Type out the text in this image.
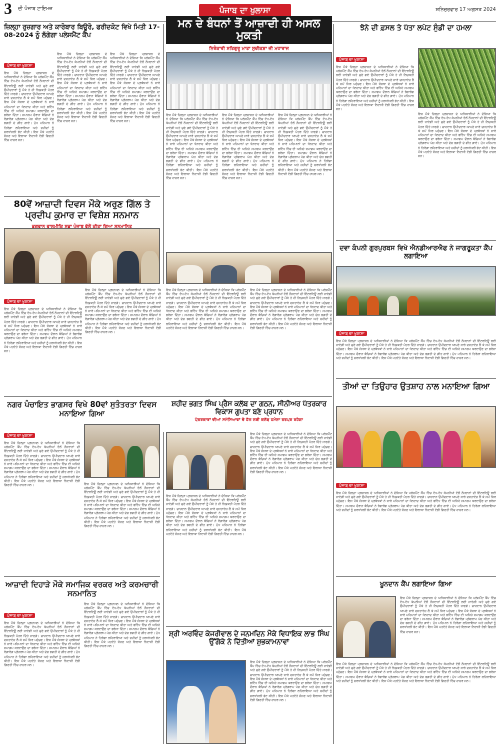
3 ਦੀ ਪੰਜਾਬ ਟਾਇਮਜ਼	ਪੰਜਾਬ ਦਾ ਖੁਲਾਸਾ	ਸ਼ਨਿਚਰਵਾਰ 17 ਅਗਸਤ 2024
ਜ਼ਿਲ੍ਹਾ ਰੁਜ਼ਗਾਰ ਅਤੇ ਕਾਰੋਬਾਰ ਬਿਊਰੋ, ਫਰੀਦਕੋਟ ਵਿਖੇ ਮਿਤੀ 17-08-2024 ਨੂੰ ਲੱਗੇਗਾ ਪਲੇਸਮੈਂਟ ਕੈਂਪ
ਪੰਜਾਬ ਦਾ ਖੁਲਾਸਾ
ਇਸ ਮੌਕੇ ਜ਼ਿਲ੍ਹਾ ਪ੍ਰਸ਼ਾਸਨ ਦੇ ਅਧਿਕਾਰੀਆਂ ਨੇ ਦੱਸਿਆ ਕਿ ਪਲੇਸਮੈਂਟ ਕੈਂਪ ਵਿੱਚ ਵੱਖ-ਵੱਖ ਕੰਪਨੀਆਂ ਵੱਲੋਂ ਨੌਜਵਾਨਾਂ ਦੀ ਇੰਟਰਵਿਊ ਲਈ ਜਾਵੇਗੀ ਅਤੇ ਚੁਣੇ ਗਏ ਉਮੀਦਵਾਰਾਂ ਨੂੰ ਮੌਕੇ ਤੇ ਹੀ ਨਿਯੁਕਤੀ ਪੱਤਰ ਦਿੱਤੇ ਜਾਣਗੇ। ਚਾਹਵਾਨ ਉਮੀਦਵਾਰ ਆਪਣੇ ਸਾਰੇ ਦਸਤਾਵੇਜ਼ ਲੈ ਕੇ ਸਮੇਂ ਸਿਰ ਪਹੁੰਚਣ। ਇਸ ਮੌਕੇ ਸੰਸਥਾ ਦੇ ਪ੍ਰਬੰਧਕਾਂ ਨੇ ਸਾਰੇ ਮਹਿਮਾਨਾਂ ਦਾ ਧੰਨਵਾਦ ਕੀਤਾ ਅਤੇ ਭਵਿੱਖ ਵਿੱਚ ਵੀ ਅਜਿਹੇ ਸਮਾਗਮ ਕਰਵਾਉਣ ਦਾ ਭਰੋਸਾ ਦਿੱਤਾ। ਸਮਾਗਮ ਦੌਰਾਨ ਬੱਚਿਆਂ ਨੇ ਰੰਗਾਰੰਗ ਪ੍ਰੋਗਰਾਮ ਪੇਸ਼ ਕੀਤਾ ਅਤੇ ਦੇਸ਼ ਭਗਤੀ ਦੇ ਗੀਤ ਗਾਏ। ਮੁੱਖ ਮਹਿਮਾਨ ਨੇ ਤਿਰੰਗਾ ਲਹਿਰਾਇਆ ਅਤੇ ਸ਼ਹੀਦਾਂ ਨੂੰ ਸ਼ਰਧਾਂਜਲੀ ਭੇਟ ਕੀਤੀ। ਇਸ ਮੌਕੇ ਪਤਵੰਤੇ ਸੱਜਣ ਅਤੇ ਇਲਾਕਾ ਨਿਵਾਸੀ ਵੱਡੀ ਗਿਣਤੀ ਵਿੱਚ ਹਾਜ਼ਰ ਸਨ।
ਇਸ ਮੌਕੇ ਜ਼ਿਲ੍ਹਾ ਪ੍ਰਸ਼ਾਸਨ ਦੇ ਅਧਿਕਾਰੀਆਂ ਨੇ ਦੱਸਿਆ ਕਿ ਪਲੇਸਮੈਂਟ ਕੈਂਪ ਵਿੱਚ ਵੱਖ-ਵੱਖ ਕੰਪਨੀਆਂ ਵੱਲੋਂ ਨੌਜਵਾਨਾਂ ਦੀ ਇੰਟਰਵਿਊ ਲਈ ਜਾਵੇਗੀ ਅਤੇ ਚੁਣੇ ਗਏ ਉਮੀਦਵਾਰਾਂ ਨੂੰ ਮੌਕੇ ਤੇ ਹੀ ਨਿਯੁਕਤੀ ਪੱਤਰ ਦਿੱਤੇ ਜਾਣਗੇ। ਚਾਹਵਾਨ ਉਮੀਦਵਾਰ ਆਪਣੇ ਸਾਰੇ ਦਸਤਾਵੇਜ਼ ਲੈ ਕੇ ਸਮੇਂ ਸਿਰ ਪਹੁੰਚਣ। ਇਸ ਮੌਕੇ ਸੰਸਥਾ ਦੇ ਪ੍ਰਬੰਧਕਾਂ ਨੇ ਸਾਰੇ ਮਹਿਮਾਨਾਂ ਦਾ ਧੰਨਵਾਦ ਕੀਤਾ ਅਤੇ ਭਵਿੱਖ ਵਿੱਚ ਵੀ ਅਜਿਹੇ ਸਮਾਗਮ ਕਰਵਾਉਣ ਦਾ ਭਰੋਸਾ ਦਿੱਤਾ। ਸਮਾਗਮ ਦੌਰਾਨ ਬੱਚਿਆਂ ਨੇ ਰੰਗਾਰੰਗ ਪ੍ਰੋਗਰਾਮ ਪੇਸ਼ ਕੀਤਾ ਅਤੇ ਦੇਸ਼ ਭਗਤੀ ਦੇ ਗੀਤ ਗਾਏ। ਮੁੱਖ ਮਹਿਮਾਨ ਨੇ ਤਿਰੰਗਾ ਲਹਿਰਾਇਆ ਅਤੇ ਸ਼ਹੀਦਾਂ ਨੂੰ ਸ਼ਰਧਾਂਜਲੀ ਭੇਟ ਕੀਤੀ। ਇਸ ਮੌਕੇ ਪਤਵੰਤੇ ਸੱਜਣ ਅਤੇ ਇਲਾਕਾ ਨਿਵਾਸੀ ਵੱਡੀ ਗਿਣਤੀ ਵਿੱਚ ਹਾਜ਼ਰ ਸਨ।
ਇਸ ਮੌਕੇ ਜ਼ਿਲ੍ਹਾ ਪ੍ਰਸ਼ਾਸਨ ਦੇ ਅਧਿਕਾਰੀਆਂ ਨੇ ਦੱਸਿਆ ਕਿ ਪਲੇਸਮੈਂਟ ਕੈਂਪ ਵਿੱਚ ਵੱਖ-ਵੱਖ ਕੰਪਨੀਆਂ ਵੱਲੋਂ ਨੌਜਵਾਨਾਂ ਦੀ ਇੰਟਰਵਿਊ ਲਈ ਜਾਵੇਗੀ ਅਤੇ ਚੁਣੇ ਗਏ ਉਮੀਦਵਾਰਾਂ ਨੂੰ ਮੌਕੇ ਤੇ ਹੀ ਨਿਯੁਕਤੀ ਪੱਤਰ ਦਿੱਤੇ ਜਾਣਗੇ। ਚਾਹਵਾਨ ਉਮੀਦਵਾਰ ਆਪਣੇ ਸਾਰੇ ਦਸਤਾਵੇਜ਼ ਲੈ ਕੇ ਸਮੇਂ ਸਿਰ ਪਹੁੰਚਣ। ਇਸ ਮੌਕੇ ਸੰਸਥਾ ਦੇ ਪ੍ਰਬੰਧਕਾਂ ਨੇ ਸਾਰੇ ਮਹਿਮਾਨਾਂ ਦਾ ਧੰਨਵਾਦ ਕੀਤਾ ਅਤੇ ਭਵਿੱਖ ਵਿੱਚ ਵੀ ਅਜਿਹੇ ਸਮਾਗਮ ਕਰਵਾਉਣ ਦਾ ਭਰੋਸਾ ਦਿੱਤਾ। ਸਮਾਗਮ ਦੌਰਾਨ ਬੱਚਿਆਂ ਨੇ ਰੰਗਾਰੰਗ ਪ੍ਰੋਗਰਾਮ ਪੇਸ਼ ਕੀਤਾ ਅਤੇ ਦੇਸ਼ ਭਗਤੀ ਦੇ ਗੀਤ ਗਾਏ। ਮੁੱਖ ਮਹਿਮਾਨ ਨੇ ਤਿਰੰਗਾ ਲਹਿਰਾਇਆ ਅਤੇ ਸ਼ਹੀਦਾਂ ਨੂੰ ਸ਼ਰਧਾਂਜਲੀ ਭੇਟ ਕੀਤੀ। ਇਸ ਮੌਕੇ ਪਤਵੰਤੇ ਸੱਜਣ ਅਤੇ ਇਲਾਕਾ ਨਿਵਾਸੀ ਵੱਡੀ ਗਿਣਤੀ ਵਿੱਚ ਹਾਜ਼ਰ ਸਨ।
80ਵੇਂ ਆਜ਼ਾਦੀ ਦਿਵਸ ਮੌਕੇ ਅਰੁਣ ਗਿੱਲ ਤੇ ਪ੍ਰਦੀਪ ਕੁਮਾਰ ਦਾ ਵਿਸ਼ੇਸ਼ ਸਨਮਾਨ
ਮਨ ਦੇ ਬੰਧਨਾਂ ਤੋਂ ਆਜ਼ਾਦੀ ਹੀ ਅਸਲ ਮੁਕਤੀ
ਨਿਰੰਕਾਰੀ ਸਤਿਗੁਰੂ ਮਾਤਾ ਸੁਦੀਕਸ਼ਾ ਜੀ ਮਹਾਰਾਜ
ਇਸ ਮੌਕੇ ਜ਼ਿਲ੍ਹਾ ਪ੍ਰਸ਼ਾਸਨ ਦੇ ਅਧਿਕਾਰੀਆਂ ਨੇ ਦੱਸਿਆ ਕਿ ਪਲੇਸਮੈਂਟ ਕੈਂਪ ਵਿੱਚ ਵੱਖ-ਵੱਖ ਕੰਪਨੀਆਂ ਵੱਲੋਂ ਨੌਜਵਾਨਾਂ ਦੀ ਇੰਟਰਵਿਊ ਲਈ ਜਾਵੇਗੀ ਅਤੇ ਚੁਣੇ ਗਏ ਉਮੀਦਵਾਰਾਂ ਨੂੰ ਮੌਕੇ ਤੇ ਹੀ ਨਿਯੁਕਤੀ ਪੱਤਰ ਦਿੱਤੇ ਜਾਣਗੇ। ਚਾਹਵਾਨ ਉਮੀਦਵਾਰ ਆਪਣੇ ਸਾਰੇ ਦਸਤਾਵੇਜ਼ ਲੈ ਕੇ ਸਮੇਂ ਸਿਰ ਪਹੁੰਚਣ। ਇਸ ਮੌਕੇ ਸੰਸਥਾ ਦੇ ਪ੍ਰਬੰਧਕਾਂ ਨੇ ਸਾਰੇ ਮਹਿਮਾਨਾਂ ਦਾ ਧੰਨਵਾਦ ਕੀਤਾ ਅਤੇ ਭਵਿੱਖ ਵਿੱਚ ਵੀ ਅਜਿਹੇ ਸਮਾਗਮ ਕਰਵਾਉਣ ਦਾ ਭਰੋਸਾ ਦਿੱਤਾ। ਸਮਾਗਮ ਦੌਰਾਨ ਬੱਚਿਆਂ ਨੇ ਰੰਗਾਰੰਗ ਪ੍ਰੋਗਰਾਮ ਪੇਸ਼ ਕੀਤਾ ਅਤੇ ਦੇਸ਼ ਭਗਤੀ ਦੇ ਗੀਤ ਗਾਏ। ਮੁੱਖ ਮਹਿਮਾਨ ਨੇ ਤਿਰੰਗਾ ਲਹਿਰਾਇਆ ਅਤੇ ਸ਼ਹੀਦਾਂ ਨੂੰ ਸ਼ਰਧਾਂਜਲੀ ਭੇਟ ਕੀਤੀ। ਇਸ ਮੌਕੇ ਪਤਵੰਤੇ ਸੱਜਣ ਅਤੇ ਇਲਾਕਾ ਨਿਵਾਸੀ ਵੱਡੀ ਗਿਣਤੀ ਵਿੱਚ ਹਾਜ਼ਰ ਸਨ।
ਇਸ ਮੌਕੇ ਜ਼ਿਲ੍ਹਾ ਪ੍ਰਸ਼ਾਸਨ ਦੇ ਅਧਿਕਾਰੀਆਂ ਨੇ ਦੱਸਿਆ ਕਿ ਪਲੇਸਮੈਂਟ ਕੈਂਪ ਵਿੱਚ ਵੱਖ-ਵੱਖ ਕੰਪਨੀਆਂ ਵੱਲੋਂ ਨੌਜਵਾਨਾਂ ਦੀ ਇੰਟਰਵਿਊ ਲਈ ਜਾਵੇਗੀ ਅਤੇ ਚੁਣੇ ਗਏ ਉਮੀਦਵਾਰਾਂ ਨੂੰ ਮੌਕੇ ਤੇ ਹੀ ਨਿਯੁਕਤੀ ਪੱਤਰ ਦਿੱਤੇ ਜਾਣਗੇ। ਚਾਹਵਾਨ ਉਮੀਦਵਾਰ ਆਪਣੇ ਸਾਰੇ ਦਸਤਾਵੇਜ਼ ਲੈ ਕੇ ਸਮੇਂ ਸਿਰ ਪਹੁੰਚਣ। ਇਸ ਮੌਕੇ ਸੰਸਥਾ ਦੇ ਪ੍ਰਬੰਧਕਾਂ ਨੇ ਸਾਰੇ ਮਹਿਮਾਨਾਂ ਦਾ ਧੰਨਵਾਦ ਕੀਤਾ ਅਤੇ ਭਵਿੱਖ ਵਿੱਚ ਵੀ ਅਜਿਹੇ ਸਮਾਗਮ ਕਰਵਾਉਣ ਦਾ ਭਰੋਸਾ ਦਿੱਤਾ। ਸਮਾਗਮ ਦੌਰਾਨ ਬੱਚਿਆਂ ਨੇ ਰੰਗਾਰੰਗ ਪ੍ਰੋਗਰਾਮ ਪੇਸ਼ ਕੀਤਾ ਅਤੇ ਦੇਸ਼ ਭਗਤੀ ਦੇ ਗੀਤ ਗਾਏ। ਮੁੱਖ ਮਹਿਮਾਨ ਨੇ ਤਿਰੰਗਾ ਲਹਿਰਾਇਆ ਅਤੇ ਸ਼ਹੀਦਾਂ ਨੂੰ ਸ਼ਰਧਾਂਜਲੀ ਭੇਟ ਕੀਤੀ। ਇਸ ਮੌਕੇ ਪਤਵੰਤੇ ਸੱਜਣ ਅਤੇ ਇਲਾਕਾ ਨਿਵਾਸੀ ਵੱਡੀ ਗਿਣਤੀ ਵਿੱਚ ਹਾਜ਼ਰ ਸਨ।
ਇਸ ਮੌਕੇ ਜ਼ਿਲ੍ਹਾ ਪ੍ਰਸ਼ਾਸਨ ਦੇ ਅਧਿਕਾਰੀਆਂ ਨੇ ਦੱਸਿਆ ਕਿ ਪਲੇਸਮੈਂਟ ਕੈਂਪ ਵਿੱਚ ਵੱਖ-ਵੱਖ ਕੰਪਨੀਆਂ ਵੱਲੋਂ ਨੌਜਵਾਨਾਂ ਦੀ ਇੰਟਰਵਿਊ ਲਈ ਜਾਵੇਗੀ ਅਤੇ ਚੁਣੇ ਗਏ ਉਮੀਦਵਾਰਾਂ ਨੂੰ ਮੌਕੇ ਤੇ ਹੀ ਨਿਯੁਕਤੀ ਪੱਤਰ ਦਿੱਤੇ ਜਾਣਗੇ। ਚਾਹਵਾਨ ਉਮੀਦਵਾਰ ਆਪਣੇ ਸਾਰੇ ਦਸਤਾਵੇਜ਼ ਲੈ ਕੇ ਸਮੇਂ ਸਿਰ ਪਹੁੰਚਣ। ਇਸ ਮੌਕੇ ਸੰਸਥਾ ਦੇ ਪ੍ਰਬੰਧਕਾਂ ਨੇ ਸਾਰੇ ਮਹਿਮਾਨਾਂ ਦਾ ਧੰਨਵਾਦ ਕੀਤਾ ਅਤੇ ਭਵਿੱਖ ਵਿੱਚ ਵੀ ਅਜਿਹੇ ਸਮਾਗਮ ਕਰਵਾਉਣ ਦਾ ਭਰੋਸਾ ਦਿੱਤਾ। ਸਮਾਗਮ ਦੌਰਾਨ ਬੱਚਿਆਂ ਨੇ ਰੰਗਾਰੰਗ ਪ੍ਰੋਗਰਾਮ ਪੇਸ਼ ਕੀਤਾ ਅਤੇ ਦੇਸ਼ ਭਗਤੀ ਦੇ ਗੀਤ ਗਾਏ। ਮੁੱਖ ਮਹਿਮਾਨ ਨੇ ਤਿਰੰਗਾ ਲਹਿਰਾਇਆ ਅਤੇ ਸ਼ਹੀਦਾਂ ਨੂੰ ਸ਼ਰਧਾਂਜਲੀ ਭੇਟ ਕੀਤੀ। ਇਸ ਮੌਕੇ ਪਤਵੰਤੇ ਸੱਜਣ ਅਤੇ ਇਲਾਕਾ ਨਿਵਾਸੀ ਵੱਡੀ ਗਿਣਤੀ ਵਿੱਚ ਹਾਜ਼ਰ ਸਨ।
ਪੰਜਾਬ ਦਾ ਖੁਲਾਸਾ
ਇਸ ਮੌਕੇ ਜ਼ਿਲ੍ਹਾ ਪ੍ਰਸ਼ਾਸਨ ਦੇ ਅਧਿਕਾਰੀਆਂ ਨੇ ਦੱਸਿਆ ਕਿ ਪਲੇਸਮੈਂਟ ਕੈਂਪ ਵਿੱਚ ਵੱਖ-ਵੱਖ ਕੰਪਨੀਆਂ ਵੱਲੋਂ ਨੌਜਵਾਨਾਂ ਦੀ ਇੰਟਰਵਿਊ ਲਈ ਜਾਵੇਗੀ ਅਤੇ ਚੁਣੇ ਗਏ ਉਮੀਦਵਾਰਾਂ ਨੂੰ ਮੌਕੇ ਤੇ ਹੀ ਨਿਯੁਕਤੀ ਪੱਤਰ ਦਿੱਤੇ ਜਾਣਗੇ। ਚਾਹਵਾਨ ਉਮੀਦਵਾਰ ਆਪਣੇ ਸਾਰੇ ਦਸਤਾਵੇਜ਼ ਲੈ ਕੇ ਸਮੇਂ ਸਿਰ ਪਹੁੰਚਣ। ਇਸ ਮੌਕੇ ਸੰਸਥਾ ਦੇ ਪ੍ਰਬੰਧਕਾਂ ਨੇ ਸਾਰੇ ਮਹਿਮਾਨਾਂ ਦਾ ਧੰਨਵਾਦ ਕੀਤਾ ਅਤੇ ਭਵਿੱਖ ਵਿੱਚ ਵੀ ਅਜਿਹੇ ਸਮਾਗਮ ਕਰਵਾਉਣ ਦਾ ਭਰੋਸਾ ਦਿੱਤਾ। ਸਮਾਗਮ ਦੌਰਾਨ ਬੱਚਿਆਂ ਨੇ ਰੰਗਾਰੰਗ ਪ੍ਰੋਗਰਾਮ ਪੇਸ਼ ਕੀਤਾ ਅਤੇ ਦੇਸ਼ ਭਗਤੀ ਦੇ ਗੀਤ ਗਾਏ। ਮੁੱਖ ਮਹਿਮਾਨ ਨੇ ਤਿਰੰਗਾ ਲਹਿਰਾਇਆ ਅਤੇ ਸ਼ਹੀਦਾਂ ਨੂੰ ਸ਼ਰਧਾਂਜਲੀ ਭੇਟ ਕੀਤੀ। ਇਸ ਮੌਕੇ ਪਤਵੰਤੇ ਸੱਜਣ ਅਤੇ ਇਲਾਕਾ ਨਿਵਾਸੀ ਵੱਡੀ ਗਿਣਤੀ ਵਿੱਚ ਹਾਜ਼ਰ ਸਨ।
ਇਸ ਮੌਕੇ ਜ਼ਿਲ੍ਹਾ ਪ੍ਰਸ਼ਾਸਨ ਦੇ ਅਧਿਕਾਰੀਆਂ ਨੇ ਦੱਸਿਆ ਕਿ ਪਲੇਸਮੈਂਟ ਕੈਂਪ ਵਿੱਚ ਵੱਖ-ਵੱਖ ਕੰਪਨੀਆਂ ਵੱਲੋਂ ਨੌਜਵਾਨਾਂ ਦੀ ਇੰਟਰਵਿਊ ਲਈ ਜਾਵੇਗੀ ਅਤੇ ਚੁਣੇ ਗਏ ਉਮੀਦਵਾਰਾਂ ਨੂੰ ਮੌਕੇ ਤੇ ਹੀ ਨਿਯੁਕਤੀ ਪੱਤਰ ਦਿੱਤੇ ਜਾਣਗੇ। ਚਾਹਵਾਨ ਉਮੀਦਵਾਰ ਆਪਣੇ ਸਾਰੇ ਦਸਤਾਵੇਜ਼ ਲੈ ਕੇ ਸਮੇਂ ਸਿਰ ਪਹੁੰਚਣ। ਇਸ ਮੌਕੇ ਸੰਸਥਾ ਦੇ ਪ੍ਰਬੰਧਕਾਂ ਨੇ ਸਾਰੇ ਮਹਿਮਾਨਾਂ ਦਾ ਧੰਨਵਾਦ ਕੀਤਾ ਅਤੇ ਭਵਿੱਖ ਵਿੱਚ ਵੀ ਅਜਿਹੇ ਸਮਾਗਮ ਕਰਵਾਉਣ ਦਾ ਭਰੋਸਾ ਦਿੱਤਾ। ਸਮਾਗਮ ਦੌਰਾਨ ਬੱਚਿਆਂ ਨੇ ਰੰਗਾਰੰਗ ਪ੍ਰੋਗਰਾਮ ਪੇਸ਼ ਕੀਤਾ ਅਤੇ ਦੇਸ਼ ਭਗਤੀ ਦੇ ਗੀਤ ਗਾਏ। ਮੁੱਖ ਮਹਿਮਾਨ ਨੇ ਤਿਰੰਗਾ ਲਹਿਰਾਇਆ ਅਤੇ ਸ਼ਹੀਦਾਂ ਨੂੰ ਸ਼ਰਧਾਂਜਲੀ ਭੇਟ ਕੀਤੀ। ਇਸ ਮੌਕੇ ਪਤਵੰਤੇ ਸੱਜਣ ਅਤੇ ਇਲਾਕਾ ਨਿਵਾਸੀ ਵੱਡੀ ਗਿਣਤੀ ਵਿੱਚ ਹਾਜ਼ਰ ਸਨ।
ਇਸ ਮੌਕੇ ਜ਼ਿਲ੍ਹਾ ਪ੍ਰਸ਼ਾਸਨ ਦੇ ਅਧਿਕਾਰੀਆਂ ਨੇ ਦੱਸਿਆ ਕਿ ਪਲੇਸਮੈਂਟ ਕੈਂਪ ਵਿੱਚ ਵੱਖ-ਵੱਖ ਕੰਪਨੀਆਂ ਵੱਲੋਂ ਨੌਜਵਾਨਾਂ ਦੀ ਇੰਟਰਵਿਊ ਲਈ ਜਾਵੇਗੀ ਅਤੇ ਚੁਣੇ ਗਏ ਉਮੀਦਵਾਰਾਂ ਨੂੰ ਮੌਕੇ ਤੇ ਹੀ ਨਿਯੁਕਤੀ ਪੱਤਰ ਦਿੱਤੇ ਜਾਣਗੇ। ਚਾਹਵਾਨ ਉਮੀਦਵਾਰ ਆਪਣੇ ਸਾਰੇ ਦਸਤਾਵੇਜ਼ ਲੈ ਕੇ ਸਮੇਂ ਸਿਰ ਪਹੁੰਚਣ। ਇਸ ਮੌਕੇ ਸੰਸਥਾ ਦੇ ਪ੍ਰਬੰਧਕਾਂ ਨੇ ਸਾਰੇ ਮਹਿਮਾਨਾਂ ਦਾ ਧੰਨਵਾਦ ਕੀਤਾ ਅਤੇ ਭਵਿੱਖ ਵਿੱਚ ਵੀ ਅਜਿਹੇ ਸਮਾਗਮ ਕਰਵਾਉਣ ਦਾ ਭਰੋਸਾ ਦਿੱਤਾ। ਸਮਾਗਮ ਦੌਰਾਨ ਬੱਚਿਆਂ ਨੇ ਰੰਗਾਰੰਗ ਪ੍ਰੋਗਰਾਮ ਪੇਸ਼ ਕੀਤਾ ਅਤੇ ਦੇਸ਼ ਭਗਤੀ ਦੇ ਗੀਤ ਗਾਏ। ਮੁੱਖ ਮਹਿਮਾਨ ਨੇ ਤਿਰੰਗਾ ਲਹਿਰਾਇਆ ਅਤੇ ਸ਼ਹੀਦਾਂ ਨੂੰ ਸ਼ਰਧਾਂਜਲੀ ਭੇਟ ਕੀਤੀ। ਇਸ ਮੌਕੇ ਪਤਵੰਤੇ ਸੱਜਣ ਅਤੇ ਇਲਾਕਾ ਨਿਵਾਸੀ ਵੱਡੀ ਗਿਣਤੀ ਵਿੱਚ ਹਾਜ਼ਰ ਸਨ।
ਇਸ ਮੌਕੇ ਜ਼ਿਲ੍ਹਾ ਪ੍ਰਸ਼ਾਸਨ ਦੇ ਅਧਿਕਾਰੀਆਂ ਨੇ ਦੱਸਿਆ ਕਿ ਪਲੇਸਮੈਂਟ ਕੈਂਪ ਵਿੱਚ ਵੱਖ-ਵੱਖ ਕੰਪਨੀਆਂ ਵੱਲੋਂ ਨੌਜਵਾਨਾਂ ਦੀ ਇੰਟਰਵਿਊ ਲਈ ਜਾਵੇਗੀ ਅਤੇ ਚੁਣੇ ਗਏ ਉਮੀਦਵਾਰਾਂ ਨੂੰ ਮੌਕੇ ਤੇ ਹੀ ਨਿਯੁਕਤੀ ਪੱਤਰ ਦਿੱਤੇ ਜਾਣਗੇ। ਚਾਹਵਾਨ ਉਮੀਦਵਾਰ ਆਪਣੇ ਸਾਰੇ ਦਸਤਾਵੇਜ਼ ਲੈ ਕੇ ਸਮੇਂ ਸਿਰ ਪਹੁੰਚਣ। ਇਸ ਮੌਕੇ ਸੰਸਥਾ ਦੇ ਪ੍ਰਬੰਧਕਾਂ ਨੇ ਸਾਰੇ ਮਹਿਮਾਨਾਂ ਦਾ ਧੰਨਵਾਦ ਕੀਤਾ ਅਤੇ ਭਵਿੱਖ ਵਿੱਚ ਵੀ ਅਜਿਹੇ ਸਮਾਗਮ ਕਰਵਾਉਣ ਦਾ ਭਰੋਸਾ ਦਿੱਤਾ। ਸਮਾਗਮ ਦੌਰਾਨ ਬੱਚਿਆਂ ਨੇ ਰੰਗਾਰੰਗ ਪ੍ਰੋਗਰਾਮ ਪੇਸ਼ ਕੀਤਾ ਅਤੇ ਦੇਸ਼ ਭਗਤੀ ਦੇ ਗੀਤ ਗਾਏ। ਮੁੱਖ ਮਹਿਮਾਨ ਨੇ ਤਿਰੰਗਾ ਲਹਿਰਾਇਆ ਅਤੇ ਸ਼ਹੀਦਾਂ ਨੂੰ ਸ਼ਰਧਾਂਜਲੀ ਭੇਟ ਕੀਤੀ। ਇਸ ਮੌਕੇ ਪਤਵੰਤੇ ਸੱਜਣ ਅਤੇ ਇਲਾਕਾ ਨਿਵਾਸੀ ਵੱਡੀ ਗਿਣਤੀ ਵਿੱਚ ਹਾਜ਼ਰ ਸਨ।
ਨਗਰ ਪੰਚਾਇਤ ਭਾਗਸਰ ਵਿਖੇ 80ਵਾਂ ਸੁਤੰਤਰਤਾ ਦਿਵਸ ਮਨਾਇਆ ਗਿਆ
ਪੰਜਾਬ ਦਾ ਖੁਲਾਸਾ
ਇਸ ਮੌਕੇ ਜ਼ਿਲ੍ਹਾ ਪ੍ਰਸ਼ਾਸਨ ਦੇ ਅਧਿਕਾਰੀਆਂ ਨੇ ਦੱਸਿਆ ਕਿ ਪਲੇਸਮੈਂਟ ਕੈਂਪ ਵਿੱਚ ਵੱਖ-ਵੱਖ ਕੰਪਨੀਆਂ ਵੱਲੋਂ ਨੌਜਵਾਨਾਂ ਦੀ ਇੰਟਰਵਿਊ ਲਈ ਜਾਵੇਗੀ ਅਤੇ ਚੁਣੇ ਗਏ ਉਮੀਦਵਾਰਾਂ ਨੂੰ ਮੌਕੇ ਤੇ ਹੀ ਨਿਯੁਕਤੀ ਪੱਤਰ ਦਿੱਤੇ ਜਾਣਗੇ। ਚਾਹਵਾਨ ਉਮੀਦਵਾਰ ਆਪਣੇ ਸਾਰੇ ਦਸਤਾਵੇਜ਼ ਲੈ ਕੇ ਸਮੇਂ ਸਿਰ ਪਹੁੰਚਣ। ਇਸ ਮੌਕੇ ਸੰਸਥਾ ਦੇ ਪ੍ਰਬੰਧਕਾਂ ਨੇ ਸਾਰੇ ਮਹਿਮਾਨਾਂ ਦਾ ਧੰਨਵਾਦ ਕੀਤਾ ਅਤੇ ਭਵਿੱਖ ਵਿੱਚ ਵੀ ਅਜਿਹੇ ਸਮਾਗਮ ਕਰਵਾਉਣ ਦਾ ਭਰੋਸਾ ਦਿੱਤਾ। ਸਮਾਗਮ ਦੌਰਾਨ ਬੱਚਿਆਂ ਨੇ ਰੰਗਾਰੰਗ ਪ੍ਰੋਗਰਾਮ ਪੇਸ਼ ਕੀਤਾ ਅਤੇ ਦੇਸ਼ ਭਗਤੀ ਦੇ ਗੀਤ ਗਾਏ। ਮੁੱਖ ਮਹਿਮਾਨ ਨੇ ਤਿਰੰਗਾ ਲਹਿਰਾਇਆ ਅਤੇ ਸ਼ਹੀਦਾਂ ਨੂੰ ਸ਼ਰਧਾਂਜਲੀ ਭੇਟ ਕੀਤੀ। ਇਸ ਮੌਕੇ ਪਤਵੰਤੇ ਸੱਜਣ ਅਤੇ ਇਲਾਕਾ ਨਿਵਾਸੀ ਵੱਡੀ ਗਿਣਤੀ ਵਿੱਚ ਹਾਜ਼ਰ ਸਨ।	ਇਸ ਮੌਕੇ ਜ਼ਿਲ੍ਹਾ ਪ੍ਰਸ਼ਾਸਨ ਦੇ ਅਧਿਕਾਰੀਆਂ ਨੇ ਦੱਸਿਆ ਕਿ ਪਲੇਸਮੈਂਟ ਕੈਂਪ ਵਿੱਚ ਵੱਖ-ਵੱਖ ਕੰਪਨੀਆਂ ਵੱਲੋਂ ਨੌਜਵਾਨਾਂ ਦੀ ਇੰਟਰਵਿਊ ਲਈ ਜਾਵੇਗੀ ਅਤੇ ਚੁਣੇ ਗਏ ਉਮੀਦਵਾਰਾਂ ਨੂੰ ਮੌਕੇ ਤੇ ਹੀ ਨਿਯੁਕਤੀ ਪੱਤਰ ਦਿੱਤੇ ਜਾਣਗੇ। ਚਾਹਵਾਨ ਉਮੀਦਵਾਰ ਆਪਣੇ ਸਾਰੇ ਦਸਤਾਵੇਜ਼ ਲੈ ਕੇ ਸਮੇਂ ਸਿਰ ਪਹੁੰਚਣ। ਇਸ ਮੌਕੇ ਸੰਸਥਾ ਦੇ ਪ੍ਰਬੰਧਕਾਂ ਨੇ ਸਾਰੇ ਮਹਿਮਾਨਾਂ ਦਾ ਧੰਨਵਾਦ ਕੀਤਾ ਅਤੇ ਭਵਿੱਖ ਵਿੱਚ ਵੀ ਅਜਿਹੇ ਸਮਾਗਮ ਕਰਵਾਉਣ ਦਾ ਭਰੋਸਾ ਦਿੱਤਾ। ਸਮਾਗਮ ਦੌਰਾਨ ਬੱਚਿਆਂ ਨੇ ਰੰਗਾਰੰਗ ਪ੍ਰੋਗਰਾਮ ਪੇਸ਼ ਕੀਤਾ ਅਤੇ ਦੇਸ਼ ਭਗਤੀ ਦੇ ਗੀਤ ਗਾਏ। ਮੁੱਖ ਮਹਿਮਾਨ ਨੇ ਤਿਰੰਗਾ ਲਹਿਰਾਇਆ ਅਤੇ ਸ਼ਹੀਦਾਂ ਨੂੰ ਸ਼ਰਧਾਂਜਲੀ ਭੇਟ ਕੀਤੀ। ਇਸ ਮੌਕੇ ਪਤਵੰਤੇ ਸੱਜਣ ਅਤੇ ਇਲਾਕਾ ਨਿਵਾਸੀ ਵੱਡੀ ਗਿਣਤੀ ਵਿੱਚ ਹਾਜ਼ਰ ਸਨ।
ਆਜ਼ਾਦੀ ਦਿਹਾੜੇ ਮੌਕੇ ਸਮਾਜਿਕ ਵਰਕਰ ਅਤੇ ਕਰਮਚਾਰੀ ਸਨਮਾਨਿਤ
ਪੰਜਾਬ ਦਾ ਖੁਲਾਸਾ
ਇਸ ਮੌਕੇ ਜ਼ਿਲ੍ਹਾ ਪ੍ਰਸ਼ਾਸਨ ਦੇ ਅਧਿਕਾਰੀਆਂ ਨੇ ਦੱਸਿਆ ਕਿ ਪਲੇਸਮੈਂਟ ਕੈਂਪ ਵਿੱਚ ਵੱਖ-ਵੱਖ ਕੰਪਨੀਆਂ ਵੱਲੋਂ ਨੌਜਵਾਨਾਂ ਦੀ ਇੰਟਰਵਿਊ ਲਈ ਜਾਵੇਗੀ ਅਤੇ ਚੁਣੇ ਗਏ ਉਮੀਦਵਾਰਾਂ ਨੂੰ ਮੌਕੇ ਤੇ ਹੀ ਨਿਯੁਕਤੀ ਪੱਤਰ ਦਿੱਤੇ ਜਾਣਗੇ। ਚਾਹਵਾਨ ਉਮੀਦਵਾਰ ਆਪਣੇ ਸਾਰੇ ਦਸਤਾਵੇਜ਼ ਲੈ ਕੇ ਸਮੇਂ ਸਿਰ ਪਹੁੰਚਣ। ਇਸ ਮੌਕੇ ਸੰਸਥਾ ਦੇ ਪ੍ਰਬੰਧਕਾਂ ਨੇ ਸਾਰੇ ਮਹਿਮਾਨਾਂ ਦਾ ਧੰਨਵਾਦ ਕੀਤਾ ਅਤੇ ਭਵਿੱਖ ਵਿੱਚ ਵੀ ਅਜਿਹੇ ਸਮਾਗਮ ਕਰਵਾਉਣ ਦਾ ਭਰੋਸਾ ਦਿੱਤਾ। ਸਮਾਗਮ ਦੌਰਾਨ ਬੱਚਿਆਂ ਨੇ ਰੰਗਾਰੰਗ ਪ੍ਰੋਗਰਾਮ ਪੇਸ਼ ਕੀਤਾ ਅਤੇ ਦੇਸ਼ ਭਗਤੀ ਦੇ ਗੀਤ ਗਾਏ। ਮੁੱਖ ਮਹਿਮਾਨ ਨੇ ਤਿਰੰਗਾ ਲਹਿਰਾਇਆ ਅਤੇ ਸ਼ਹੀਦਾਂ ਨੂੰ ਸ਼ਰਧਾਂਜਲੀ ਭੇਟ ਕੀਤੀ। ਇਸ ਮੌਕੇ ਪਤਵੰਤੇ ਸੱਜਣ ਅਤੇ ਇਲਾਕਾ ਨਿਵਾਸੀ ਵੱਡੀ ਗਿਣਤੀ ਵਿੱਚ ਹਾਜ਼ਰ ਸਨ।
ਇਸ ਮੌਕੇ ਜ਼ਿਲ੍ਹਾ ਪ੍ਰਸ਼ਾਸਨ ਦੇ ਅਧਿਕਾਰੀਆਂ ਨੇ ਦੱਸਿਆ ਕਿ ਪਲੇਸਮੈਂਟ ਕੈਂਪ ਵਿੱਚ ਵੱਖ-ਵੱਖ ਕੰਪਨੀਆਂ ਵੱਲੋਂ ਨੌਜਵਾਨਾਂ ਦੀ ਇੰਟਰਵਿਊ ਲਈ ਜਾਵੇਗੀ ਅਤੇ ਚੁਣੇ ਗਏ ਉਮੀਦਵਾਰਾਂ ਨੂੰ ਮੌਕੇ ਤੇ ਹੀ ਨਿਯੁਕਤੀ ਪੱਤਰ ਦਿੱਤੇ ਜਾਣਗੇ। ਚਾਹਵਾਨ ਉਮੀਦਵਾਰ ਆਪਣੇ ਸਾਰੇ ਦਸਤਾਵੇਜ਼ ਲੈ ਕੇ ਸਮੇਂ ਸਿਰ ਪਹੁੰਚਣ। ਇਸ ਮੌਕੇ ਸੰਸਥਾ ਦੇ ਪ੍ਰਬੰਧਕਾਂ ਨੇ ਸਾਰੇ ਮਹਿਮਾਨਾਂ ਦਾ ਧੰਨਵਾਦ ਕੀਤਾ ਅਤੇ ਭਵਿੱਖ ਵਿੱਚ ਵੀ ਅਜਿਹੇ ਸਮਾਗਮ ਕਰਵਾਉਣ ਦਾ ਭਰੋਸਾ ਦਿੱਤਾ। ਸਮਾਗਮ ਦੌਰਾਨ ਬੱਚਿਆਂ ਨੇ ਰੰਗਾਰੰਗ ਪ੍ਰੋਗਰਾਮ ਪੇਸ਼ ਕੀਤਾ ਅਤੇ ਦੇਸ਼ ਭਗਤੀ ਦੇ ਗੀਤ ਗਾਏ। ਮੁੱਖ ਮਹਿਮਾਨ ਨੇ ਤਿਰੰਗਾ ਲਹਿਰਾਇਆ ਅਤੇ ਸ਼ਹੀਦਾਂ ਨੂੰ ਸ਼ਰਧਾਂਜਲੀ ਭੇਟ ਕੀਤੀ। ਇਸ ਮੌਕੇ ਪਤਵੰਤੇ ਸੱਜਣ ਅਤੇ ਇਲਾਕਾ ਨਿਵਾਸੀ ਵੱਡੀ ਗਿਣਤੀ ਵਿੱਚ ਹਾਜ਼ਰ ਸਨ।
ਸ਼ਹੀਦ ਭਗਤ ਸਿੰਘ ਪ੍ਰੈਸ ਕਲੱਬ ਦਾ ਗਠਨ, ਸੀਨੀਅਰ ਪੱਤਰਕਾਰ ਵਿਕਾਸ ਗੁਪਤਾ ਬਣੇ ਪ੍ਰਧਾਨ
ਪੱਤਰਕਾਰਾਂ ਦੀਆਂ ਸਮੱਸਿਆਵਾਂ ਦੇ ਹੱਲ ਲਈ ਕਲੱਬ ਹਮੇਸ਼ਾ ਤਤਪਰ ਰਹੇਗਾ
ਇਸ ਮੌਕੇ ਜ਼ਿਲ੍ਹਾ ਪ੍ਰਸ਼ਾਸਨ ਦੇ ਅਧਿਕਾਰੀਆਂ ਨੇ ਦੱਸਿਆ ਕਿ ਪਲੇਸਮੈਂਟ ਕੈਂਪ ਵਿੱਚ ਵੱਖ-ਵੱਖ ਕੰਪਨੀਆਂ ਵੱਲੋਂ ਨੌਜਵਾਨਾਂ ਦੀ ਇੰਟਰਵਿਊ ਲਈ ਜਾਵੇਗੀ ਅਤੇ ਚੁਣੇ ਗਏ ਉਮੀਦਵਾਰਾਂ ਨੂੰ ਮੌਕੇ ਤੇ ਹੀ ਨਿਯੁਕਤੀ ਪੱਤਰ ਦਿੱਤੇ ਜਾਣਗੇ। ਚਾਹਵਾਨ ਉਮੀਦਵਾਰ ਆਪਣੇ ਸਾਰੇ ਦਸਤਾਵੇਜ਼ ਲੈ ਕੇ ਸਮੇਂ ਸਿਰ ਪਹੁੰਚਣ। ਇਸ ਮੌਕੇ ਸੰਸਥਾ ਦੇ ਪ੍ਰਬੰਧਕਾਂ ਨੇ ਸਾਰੇ ਮਹਿਮਾਨਾਂ ਦਾ ਧੰਨਵਾਦ ਕੀਤਾ ਅਤੇ ਭਵਿੱਖ ਵਿੱਚ ਵੀ ਅਜਿਹੇ ਸਮਾਗਮ ਕਰਵਾਉਣ ਦਾ ਭਰੋਸਾ ਦਿੱਤਾ। ਸਮਾਗਮ ਦੌਰਾਨ ਬੱਚਿਆਂ ਨੇ ਰੰਗਾਰੰਗ ਪ੍ਰੋਗਰਾਮ ਪੇਸ਼ ਕੀਤਾ ਅਤੇ ਦੇਸ਼ ਭਗਤੀ ਦੇ ਗੀਤ ਗਾਏ। ਮੁੱਖ ਮਹਿਮਾਨ ਨੇ ਤਿਰੰਗਾ ਲਹਿਰਾਇਆ ਅਤੇ ਸ਼ਹੀਦਾਂ ਨੂੰ ਸ਼ਰਧਾਂਜਲੀ ਭੇਟ ਕੀਤੀ। ਇਸ ਮੌਕੇ ਪਤਵੰਤੇ ਸੱਜਣ ਅਤੇ ਇਲਾਕਾ ਨਿਵਾਸੀ ਵੱਡੀ ਗਿਣਤੀ ਵਿੱਚ ਹਾਜ਼ਰ ਸਨ।
ਇਸ ਮੌਕੇ ਜ਼ਿਲ੍ਹਾ ਪ੍ਰਸ਼ਾਸਨ ਦੇ ਅਧਿਕਾਰੀਆਂ ਨੇ ਦੱਸਿਆ ਕਿ ਪਲੇਸਮੈਂਟ ਕੈਂਪ ਵਿੱਚ ਵੱਖ-ਵੱਖ ਕੰਪਨੀਆਂ ਵੱਲੋਂ ਨੌਜਵਾਨਾਂ ਦੀ ਇੰਟਰਵਿਊ ਲਈ ਜਾਵੇਗੀ ਅਤੇ ਚੁਣੇ ਗਏ ਉਮੀਦਵਾਰਾਂ ਨੂੰ ਮੌਕੇ ਤੇ ਹੀ ਨਿਯੁਕਤੀ ਪੱਤਰ ਦਿੱਤੇ ਜਾਣਗੇ। ਚਾਹਵਾਨ ਉਮੀਦਵਾਰ ਆਪਣੇ ਸਾਰੇ ਦਸਤਾਵੇਜ਼ ਲੈ ਕੇ ਸਮੇਂ ਸਿਰ ਪਹੁੰਚਣ। ਇਸ ਮੌਕੇ ਸੰਸਥਾ ਦੇ ਪ੍ਰਬੰਧਕਾਂ ਨੇ ਸਾਰੇ ਮਹਿਮਾਨਾਂ ਦਾ ਧੰਨਵਾਦ ਕੀਤਾ ਅਤੇ ਭਵਿੱਖ ਵਿੱਚ ਵੀ ਅਜਿਹੇ ਸਮਾਗਮ ਕਰਵਾਉਣ ਦਾ ਭਰੋਸਾ ਦਿੱਤਾ। ਸਮਾਗਮ ਦੌਰਾਨ ਬੱਚਿਆਂ ਨੇ ਰੰਗਾਰੰਗ ਪ੍ਰੋਗਰਾਮ ਪੇਸ਼ ਕੀਤਾ ਅਤੇ ਦੇਸ਼ ਭਗਤੀ ਦੇ ਗੀਤ ਗਾਏ। ਮੁੱਖ ਮਹਿਮਾਨ ਨੇ ਤਿਰੰਗਾ ਲਹਿਰਾਇਆ ਅਤੇ ਸ਼ਹੀਦਾਂ ਨੂੰ ਸ਼ਰਧਾਂਜਲੀ ਭੇਟ ਕੀਤੀ। ਇਸ ਮੌਕੇ ਪਤਵੰਤੇ ਸੱਜਣ ਅਤੇ ਇਲਾਕਾ ਨਿਵਾਸੀ ਵੱਡੀ ਗਿਣਤੀ ਵਿੱਚ ਹਾਜ਼ਰ ਸਨ।
ਸ਼੍ਰੀ ਅਰਵਿੰਦ ਕੇਜਰੀਵਾਲ ਦੇ ਜਨਮਦਿਨ ਮੌਕੇ ਵਿਧਾਇਕ ਲਾਭ ਸਿੰਘ ਉੱਗੋਕੇ ਨੇ ਦਿੱਤੀਆਂ ਸ਼ੁਭਕਾਮਨਾਵਾਂ
ਇਸ ਮੌਕੇ ਜ਼ਿਲ੍ਹਾ ਪ੍ਰਸ਼ਾਸਨ ਦੇ ਅਧਿਕਾਰੀਆਂ ਨੇ ਦੱਸਿਆ ਕਿ ਪਲੇਸਮੈਂਟ ਕੈਂਪ ਵਿੱਚ ਵੱਖ-ਵੱਖ ਕੰਪਨੀਆਂ ਵੱਲੋਂ ਨੌਜਵਾਨਾਂ ਦੀ ਇੰਟਰਵਿਊ ਲਈ ਜਾਵੇਗੀ ਅਤੇ ਚੁਣੇ ਗਏ ਉਮੀਦਵਾਰਾਂ ਨੂੰ ਮੌਕੇ ਤੇ ਹੀ ਨਿਯੁਕਤੀ ਪੱਤਰ ਦਿੱਤੇ ਜਾਣਗੇ। ਚਾਹਵਾਨ ਉਮੀਦਵਾਰ ਆਪਣੇ ਸਾਰੇ ਦਸਤਾਵੇਜ਼ ਲੈ ਕੇ ਸਮੇਂ ਸਿਰ ਪਹੁੰਚਣ। ਇਸ ਮੌਕੇ ਸੰਸਥਾ ਦੇ ਪ੍ਰਬੰਧਕਾਂ ਨੇ ਸਾਰੇ ਮਹਿਮਾਨਾਂ ਦਾ ਧੰਨਵਾਦ ਕੀਤਾ ਅਤੇ ਭਵਿੱਖ ਵਿੱਚ ਵੀ ਅਜਿਹੇ ਸਮਾਗਮ ਕਰਵਾਉਣ ਦਾ ਭਰੋਸਾ ਦਿੱਤਾ। ਸਮਾਗਮ ਦੌਰਾਨ ਬੱਚਿਆਂ ਨੇ ਰੰਗਾਰੰਗ ਪ੍ਰੋਗਰਾਮ ਪੇਸ਼ ਕੀਤਾ ਅਤੇ ਦੇਸ਼ ਭਗਤੀ ਦੇ ਗੀਤ ਗਾਏ। ਮੁੱਖ ਮਹਿਮਾਨ ਨੇ ਤਿਰੰਗਾ ਲਹਿਰਾਇਆ ਅਤੇ ਸ਼ਹੀਦਾਂ ਨੂੰ ਸ਼ਰਧਾਂਜਲੀ ਭੇਟ ਕੀਤੀ। ਇਸ ਮੌਕੇ ਪਤਵੰਤੇ ਸੱਜਣ ਅਤੇ ਇਲਾਕਾ ਨਿਵਾਸੀ ਵੱਡੀ ਗਿਣਤੀ ਵਿੱਚ ਹਾਜ਼ਰ ਸਨ।
ਝੋਨੇ ਦੀ ਫ਼ਸਲ ਤੇ ਪੱਤਾ ਲਪੇਟ ਸੁੰਡੀ ਦਾ ਹਮਲਾ
ਪੰਜਾਬ ਦਾ ਖੁਲਾਸਾ
ਇਸ ਮੌਕੇ ਜ਼ਿਲ੍ਹਾ ਪ੍ਰਸ਼ਾਸਨ ਦੇ ਅਧਿਕਾਰੀਆਂ ਨੇ ਦੱਸਿਆ ਕਿ ਪਲੇਸਮੈਂਟ ਕੈਂਪ ਵਿੱਚ ਵੱਖ-ਵੱਖ ਕੰਪਨੀਆਂ ਵੱਲੋਂ ਨੌਜਵਾਨਾਂ ਦੀ ਇੰਟਰਵਿਊ ਲਈ ਜਾਵੇਗੀ ਅਤੇ ਚੁਣੇ ਗਏ ਉਮੀਦਵਾਰਾਂ ਨੂੰ ਮੌਕੇ ਤੇ ਹੀ ਨਿਯੁਕਤੀ ਪੱਤਰ ਦਿੱਤੇ ਜਾਣਗੇ। ਚਾਹਵਾਨ ਉਮੀਦਵਾਰ ਆਪਣੇ ਸਾਰੇ ਦਸਤਾਵੇਜ਼ ਲੈ ਕੇ ਸਮੇਂ ਸਿਰ ਪਹੁੰਚਣ। ਇਸ ਮੌਕੇ ਸੰਸਥਾ ਦੇ ਪ੍ਰਬੰਧਕਾਂ ਨੇ ਸਾਰੇ ਮਹਿਮਾਨਾਂ ਦਾ ਧੰਨਵਾਦ ਕੀਤਾ ਅਤੇ ਭਵਿੱਖ ਵਿੱਚ ਵੀ ਅਜਿਹੇ ਸਮਾਗਮ ਕਰਵਾਉਣ ਦਾ ਭਰੋਸਾ ਦਿੱਤਾ। ਸਮਾਗਮ ਦੌਰਾਨ ਬੱਚਿਆਂ ਨੇ ਰੰਗਾਰੰਗ ਪ੍ਰੋਗਰਾਮ ਪੇਸ਼ ਕੀਤਾ ਅਤੇ ਦੇਸ਼ ਭਗਤੀ ਦੇ ਗੀਤ ਗਾਏ। ਮੁੱਖ ਮਹਿਮਾਨ ਨੇ ਤਿਰੰਗਾ ਲਹਿਰਾਇਆ ਅਤੇ ਸ਼ਹੀਦਾਂ ਨੂੰ ਸ਼ਰਧਾਂਜਲੀ ਭੇਟ ਕੀਤੀ। ਇਸ ਮੌਕੇ ਪਤਵੰਤੇ ਸੱਜਣ ਅਤੇ ਇਲਾਕਾ ਨਿਵਾਸੀ ਵੱਡੀ ਗਿਣਤੀ ਵਿੱਚ ਹਾਜ਼ਰ ਸਨ।
ਇਸ ਮੌਕੇ ਜ਼ਿਲ੍ਹਾ ਪ੍ਰਸ਼ਾਸਨ ਦੇ ਅਧਿਕਾਰੀਆਂ ਨੇ ਦੱਸਿਆ ਕਿ ਪਲੇਸਮੈਂਟ ਕੈਂਪ ਵਿੱਚ ਵੱਖ-ਵੱਖ ਕੰਪਨੀਆਂ ਵੱਲੋਂ ਨੌਜਵਾਨਾਂ ਦੀ ਇੰਟਰਵਿਊ ਲਈ ਜਾਵੇਗੀ ਅਤੇ ਚੁਣੇ ਗਏ ਉਮੀਦਵਾਰਾਂ ਨੂੰ ਮੌਕੇ ਤੇ ਹੀ ਨਿਯੁਕਤੀ ਪੱਤਰ ਦਿੱਤੇ ਜਾਣਗੇ। ਚਾਹਵਾਨ ਉਮੀਦਵਾਰ ਆਪਣੇ ਸਾਰੇ ਦਸਤਾਵੇਜ਼ ਲੈ ਕੇ ਸਮੇਂ ਸਿਰ ਪਹੁੰਚਣ। ਇਸ ਮੌਕੇ ਸੰਸਥਾ ਦੇ ਪ੍ਰਬੰਧਕਾਂ ਨੇ ਸਾਰੇ ਮਹਿਮਾਨਾਂ ਦਾ ਧੰਨਵਾਦ ਕੀਤਾ ਅਤੇ ਭਵਿੱਖ ਵਿੱਚ ਵੀ ਅਜਿਹੇ ਸਮਾਗਮ ਕਰਵਾਉਣ ਦਾ ਭਰੋਸਾ ਦਿੱਤਾ। ਸਮਾਗਮ ਦੌਰਾਨ ਬੱਚਿਆਂ ਨੇ ਰੰਗਾਰੰਗ ਪ੍ਰੋਗਰਾਮ ਪੇਸ਼ ਕੀਤਾ ਅਤੇ ਦੇਸ਼ ਭਗਤੀ ਦੇ ਗੀਤ ਗਾਏ। ਮੁੱਖ ਮਹਿਮਾਨ ਨੇ ਤਿਰੰਗਾ ਲਹਿਰਾਇਆ ਅਤੇ ਸ਼ਹੀਦਾਂ ਨੂੰ ਸ਼ਰਧਾਂਜਲੀ ਭੇਟ ਕੀਤੀ। ਇਸ ਮੌਕੇ ਪਤਵੰਤੇ ਸੱਜਣ ਅਤੇ ਇਲਾਕਾ ਨਿਵਾਸੀ ਵੱਡੀ ਗਿਣਤੀ ਵਿੱਚ ਹਾਜ਼ਰ ਸਨ।
ਦਵਾ ਕੰਪਨੀ ਗੁਰਪੁਰਬਸ ਵਿਖੇ ਐਨਡੀਆਰਐਫ ਨੇ ਜਾਗਰੂਕਤਾ ਕੈਂਪ ਲਗਾਇਆ
ਪੰਜਾਬ ਦਾ ਖੁਲਾਸਾ
ਇਸ ਮੌਕੇ ਜ਼ਿਲ੍ਹਾ ਪ੍ਰਸ਼ਾਸਨ ਦੇ ਅਧਿਕਾਰੀਆਂ ਨੇ ਦੱਸਿਆ ਕਿ ਪਲੇਸਮੈਂਟ ਕੈਂਪ ਵਿੱਚ ਵੱਖ-ਵੱਖ ਕੰਪਨੀਆਂ ਵੱਲੋਂ ਨੌਜਵਾਨਾਂ ਦੀ ਇੰਟਰਵਿਊ ਲਈ ਜਾਵੇਗੀ ਅਤੇ ਚੁਣੇ ਗਏ ਉਮੀਦਵਾਰਾਂ ਨੂੰ ਮੌਕੇ ਤੇ ਹੀ ਨਿਯੁਕਤੀ ਪੱਤਰ ਦਿੱਤੇ ਜਾਣਗੇ। ਚਾਹਵਾਨ ਉਮੀਦਵਾਰ ਆਪਣੇ ਸਾਰੇ ਦਸਤਾਵੇਜ਼ ਲੈ ਕੇ ਸਮੇਂ ਸਿਰ ਪਹੁੰਚਣ। ਇਸ ਮੌਕੇ ਸੰਸਥਾ ਦੇ ਪ੍ਰਬੰਧਕਾਂ ਨੇ ਸਾਰੇ ਮਹਿਮਾਨਾਂ ਦਾ ਧੰਨਵਾਦ ਕੀਤਾ ਅਤੇ ਭਵਿੱਖ ਵਿੱਚ ਵੀ ਅਜਿਹੇ ਸਮਾਗਮ ਕਰਵਾਉਣ ਦਾ ਭਰੋਸਾ ਦਿੱਤਾ। ਸਮਾਗਮ ਦੌਰਾਨ ਬੱਚਿਆਂ ਨੇ ਰੰਗਾਰੰਗ ਪ੍ਰੋਗਰਾਮ ਪੇਸ਼ ਕੀਤਾ ਅਤੇ ਦੇਸ਼ ਭਗਤੀ ਦੇ ਗੀਤ ਗਾਏ। ਮੁੱਖ ਮਹਿਮਾਨ ਨੇ ਤਿਰੰਗਾ ਲਹਿਰਾਇਆ ਅਤੇ ਸ਼ਹੀਦਾਂ ਨੂੰ ਸ਼ਰਧਾਂਜਲੀ ਭੇਟ ਕੀਤੀ। ਇਸ ਮੌਕੇ ਪਤਵੰਤੇ ਸੱਜਣ ਅਤੇ ਇਲਾਕਾ ਨਿਵਾਸੀ ਵੱਡੀ ਗਿਣਤੀ ਵਿੱਚ ਹਾਜ਼ਰ ਸਨ।
ਤੀਆਂ ਦਾ ਤਿਉਹਾਰ ਉਤਸ਼ਾਹ ਨਾਲ ਮਨਾਇਆ ਗਿਆ
ਪੰਜਾਬ ਦਾ ਖੁਲਾਸਾ
ਇਸ ਮੌਕੇ ਜ਼ਿਲ੍ਹਾ ਪ੍ਰਸ਼ਾਸਨ ਦੇ ਅਧਿਕਾਰੀਆਂ ਨੇ ਦੱਸਿਆ ਕਿ ਪਲੇਸਮੈਂਟ ਕੈਂਪ ਵਿੱਚ ਵੱਖ-ਵੱਖ ਕੰਪਨੀਆਂ ਵੱਲੋਂ ਨੌਜਵਾਨਾਂ ਦੀ ਇੰਟਰਵਿਊ ਲਈ ਜਾਵੇਗੀ ਅਤੇ ਚੁਣੇ ਗਏ ਉਮੀਦਵਾਰਾਂ ਨੂੰ ਮੌਕੇ ਤੇ ਹੀ ਨਿਯੁਕਤੀ ਪੱਤਰ ਦਿੱਤੇ ਜਾਣਗੇ। ਚਾਹਵਾਨ ਉਮੀਦਵਾਰ ਆਪਣੇ ਸਾਰੇ ਦਸਤਾਵੇਜ਼ ਲੈ ਕੇ ਸਮੇਂ ਸਿਰ ਪਹੁੰਚਣ। ਇਸ ਮੌਕੇ ਸੰਸਥਾ ਦੇ ਪ੍ਰਬੰਧਕਾਂ ਨੇ ਸਾਰੇ ਮਹਿਮਾਨਾਂ ਦਾ ਧੰਨਵਾਦ ਕੀਤਾ ਅਤੇ ਭਵਿੱਖ ਵਿੱਚ ਵੀ ਅਜਿਹੇ ਸਮਾਗਮ ਕਰਵਾਉਣ ਦਾ ਭਰੋਸਾ ਦਿੱਤਾ। ਸਮਾਗਮ ਦੌਰਾਨ ਬੱਚਿਆਂ ਨੇ ਰੰਗਾਰੰਗ ਪ੍ਰੋਗਰਾਮ ਪੇਸ਼ ਕੀਤਾ ਅਤੇ ਦੇਸ਼ ਭਗਤੀ ਦੇ ਗੀਤ ਗਾਏ। ਮੁੱਖ ਮਹਿਮਾਨ ਨੇ ਤਿਰੰਗਾ ਲਹਿਰਾਇਆ ਅਤੇ ਸ਼ਹੀਦਾਂ ਨੂੰ ਸ਼ਰਧਾਂਜਲੀ ਭੇਟ ਕੀਤੀ। ਇਸ ਮੌਕੇ ਪਤਵੰਤੇ ਸੱਜਣ ਅਤੇ ਇਲਾਕਾ ਨਿਵਾਸੀ ਵੱਡੀ ਗਿਣਤੀ ਵਿੱਚ ਹਾਜ਼ਰ ਸਨ।
ਖੂਨਦਾਨ ਕੈਂਪ ਲਗਾਇਆ ਗਿਆ
ਇਸ ਮੌਕੇ ਜ਼ਿਲ੍ਹਾ ਪ੍ਰਸ਼ਾਸਨ ਦੇ ਅਧਿਕਾਰੀਆਂ ਨੇ ਦੱਸਿਆ ਕਿ ਪਲੇਸਮੈਂਟ ਕੈਂਪ ਵਿੱਚ ਵੱਖ-ਵੱਖ ਕੰਪਨੀਆਂ ਵੱਲੋਂ ਨੌਜਵਾਨਾਂ ਦੀ ਇੰਟਰਵਿਊ ਲਈ ਜਾਵੇਗੀ ਅਤੇ ਚੁਣੇ ਗਏ ਉਮੀਦਵਾਰਾਂ ਨੂੰ ਮੌਕੇ ਤੇ ਹੀ ਨਿਯੁਕਤੀ ਪੱਤਰ ਦਿੱਤੇ ਜਾਣਗੇ। ਚਾਹਵਾਨ ਉਮੀਦਵਾਰ ਆਪਣੇ ਸਾਰੇ ਦਸਤਾਵੇਜ਼ ਲੈ ਕੇ ਸਮੇਂ ਸਿਰ ਪਹੁੰਚਣ। ਇਸ ਮੌਕੇ ਸੰਸਥਾ ਦੇ ਪ੍ਰਬੰਧਕਾਂ ਨੇ ਸਾਰੇ ਮਹਿਮਾਨਾਂ ਦਾ ਧੰਨਵਾਦ ਕੀਤਾ ਅਤੇ ਭਵਿੱਖ ਵਿੱਚ ਵੀ ਅਜਿਹੇ ਸਮਾਗਮ ਕਰਵਾਉਣ ਦਾ ਭਰੋਸਾ ਦਿੱਤਾ। ਸਮਾਗਮ ਦੌਰਾਨ ਬੱਚਿਆਂ ਨੇ ਰੰਗਾਰੰਗ ਪ੍ਰੋਗਰਾਮ ਪੇਸ਼ ਕੀਤਾ ਅਤੇ ਦੇਸ਼ ਭਗਤੀ ਦੇ ਗੀਤ ਗਾਏ। ਮੁੱਖ ਮਹਿਮਾਨ ਨੇ ਤਿਰੰਗਾ ਲਹਿਰਾਇਆ ਅਤੇ ਸ਼ਹੀਦਾਂ ਨੂੰ ਸ਼ਰਧਾਂਜਲੀ ਭੇਟ ਕੀਤੀ। ਇਸ ਮੌਕੇ ਪਤਵੰਤੇ ਸੱਜਣ ਅਤੇ ਇਲਾਕਾ ਨਿਵਾਸੀ ਵੱਡੀ ਗਿਣਤੀ ਵਿੱਚ ਹਾਜ਼ਰ ਸਨ।
ਇਸ ਮੌਕੇ ਜ਼ਿਲ੍ਹਾ ਪ੍ਰਸ਼ਾਸਨ ਦੇ ਅਧਿਕਾਰੀਆਂ ਨੇ ਦੱਸਿਆ ਕਿ ਪਲੇਸਮੈਂਟ ਕੈਂਪ ਵਿੱਚ ਵੱਖ-ਵੱਖ ਕੰਪਨੀਆਂ ਵੱਲੋਂ ਨੌਜਵਾਨਾਂ ਦੀ ਇੰਟਰਵਿਊ ਲਈ ਜਾਵੇਗੀ ਅਤੇ ਚੁਣੇ ਗਏ ਉਮੀਦਵਾਰਾਂ ਨੂੰ ਮੌਕੇ ਤੇ ਹੀ ਨਿਯੁਕਤੀ ਪੱਤਰ ਦਿੱਤੇ ਜਾਣਗੇ। ਚਾਹਵਾਨ ਉਮੀਦਵਾਰ ਆਪਣੇ ਸਾਰੇ ਦਸਤਾਵੇਜ਼ ਲੈ ਕੇ ਸਮੇਂ ਸਿਰ ਪਹੁੰਚਣ। ਇਸ ਮੌਕੇ ਸੰਸਥਾ ਦੇ ਪ੍ਰਬੰਧਕਾਂ ਨੇ ਸਾਰੇ ਮਹਿਮਾਨਾਂ ਦਾ ਧੰਨਵਾਦ ਕੀਤਾ ਅਤੇ ਭਵਿੱਖ ਵਿੱਚ ਵੀ ਅਜਿਹੇ ਸਮਾਗਮ ਕਰਵਾਉਣ ਦਾ ਭਰੋਸਾ ਦਿੱਤਾ। ਸਮਾਗਮ ਦੌਰਾਨ ਬੱਚਿਆਂ ਨੇ ਰੰਗਾਰੰਗ ਪ੍ਰੋਗਰਾਮ ਪੇਸ਼ ਕੀਤਾ ਅਤੇ ਦੇਸ਼ ਭਗਤੀ ਦੇ ਗੀਤ ਗਾਏ। ਮੁੱਖ ਮਹਿਮਾਨ ਨੇ ਤਿਰੰਗਾ ਲਹਿਰਾਇਆ ਅਤੇ ਸ਼ਹੀਦਾਂ ਨੂੰ ਸ਼ਰਧਾਂਜਲੀ ਭੇਟ ਕੀਤੀ। ਇਸ ਮੌਕੇ ਪਤਵੰਤੇ ਸੱਜਣ ਅਤੇ ਇਲਾਕਾ ਨਿਵਾਸੀ ਵੱਡੀ ਗਿਣਤੀ ਵਿੱਚ ਹਾਜ਼ਰ ਸਨ।
